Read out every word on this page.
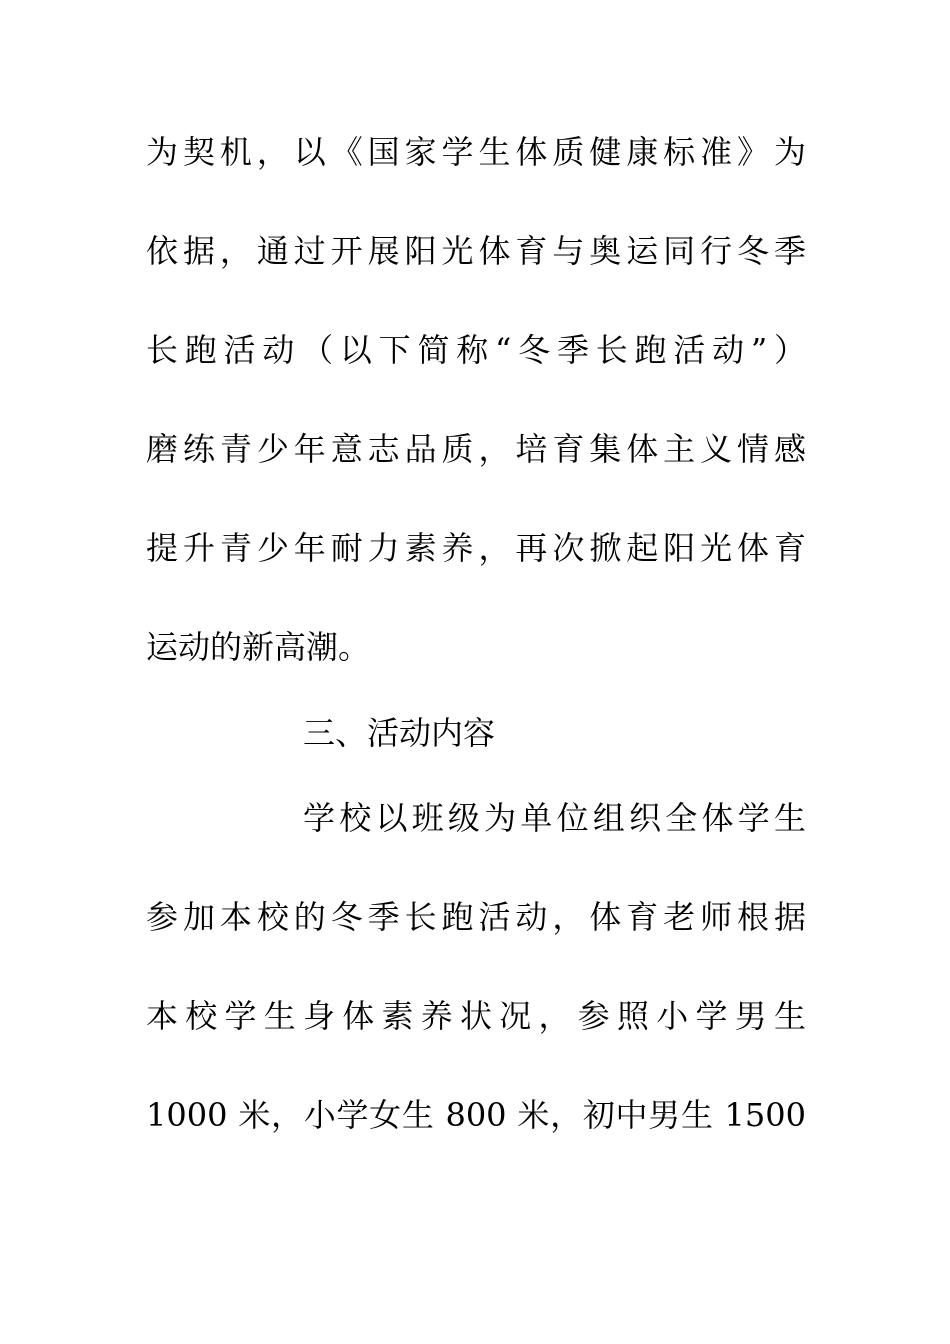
为契机，以《国家学生体质健康标准》为
依据，通过开展阳光体育与奥运同行冬季
长跑活动（以下简称“冬季长跑活动”）
磨练青少年意志品质，培育集体主义情感
提升青少年耐力素养，再次掀起阳光体育
运动的新高潮。
三、活动内容
学校以班级为单位组织全体学生
参加本校的冬季长跑活动，体育老师根据
本校学生身体素养状况，参照小学男生
1000 米，小学女生 800 米，初中男生 1500
